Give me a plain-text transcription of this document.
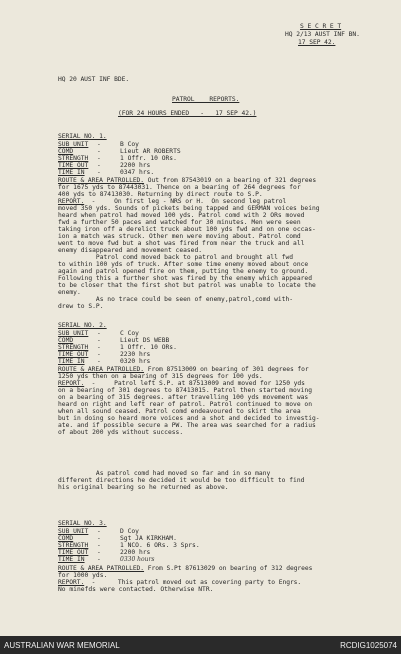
S E C R E T
HQ 2/13 AUST INF BN.
17 SEP 42.
HQ 20 AUST INF BDE.
PATROL    REPORTS.
(FOR 24 HOURS ENDED   -   17 SEP 42.)
SERIAL NO. 1.
SUB UNIT -	B Coy
COMD	-	Lieut AR ROBERTS
STRENGTH -	1 Offr. 10 ORs.
TIME OUT -	2200 hrs
TIME IN -	0347 hrs.
ROUTE & AREA PATROLLED. Out from 87543019 on a bearing of 321 degrees
for 1675 yds to 87443031. Thence on a bearing of 264 degrees for
400 yds to 87413030. Returning by direct route to S.P.
REPORT.  -     On first leg - NRS or H.  On second leg patrol
moved 350 yds. Sounds of pickets being tapped and GERMAN voices being
heard when patrol had moved 100 yds. Patrol comd with 2 ORs moved
fwd a further 50 paces and watched for 30 minutes. Men were seen
taking iron off a derelict truck about 100 yds fwd and on one occas-
ion a match was struck. Other men were moving about. Patrol comd
went to move fwd but a shot was fired from near the truck and all
enemy disappeared and movement ceased.
Patrol comd moved back to patrol and brought all fwd
to within 100 yds of truck. After some time enemy moved about once
again and patrol opened fire on them, putting the enemy to ground.
Following this a further shot was fired by the enemy which appeared
to be closer that the first shot but patrol was unable to locate the
enemy.
As no trace could be seen of enemy,patrol,comd with-
drew to S.P.
SERIAL NO. 2.
SUB UNIT -	C Coy
COMD	-	Lieut DS WEBB
STRENGTH -	1 Offr. 10 ORs.
TIME OUT -	2230 hrs
TIME IN -	0320 hrs
ROUTE & AREA PATROLLED. From 87513009 on bearing of 301 degrees for
1250 yds then on a bearing of 315 degrees for 100 yds.
REPORT.  -     Patrol left S.P. at 87513009 and moved for 1250 yds
on a bearing of 301 degrees to 87413015. Patrol then started moving
on a bearing of 315 degrees. after travelling 100 yds movement was
heard on right and left rear of patrol. Patrol continued to move on
when all sound ceased. Patrol comd endeavoured to skirt the area
but in doing so heard more voices and a shot and decided to investig-
ate. and if possible secure a PW. The area was searched for a radius
of about 200 yds without success.
As patrol comd had moved so far and in so many
different directions he decided it would be too difficult to find
his original bearing so he returned as above.
SERIAL NO. 3.
SUB UNIT -	D Coy
COMD	-	Sgt JA KIRKHAM.
STRENGTH -	1 NCO. 6 ORs. 3 Sprs.
TIME OUT -	2200 hrs
TIME IN -	0330 hours
ROUTE & AREA PATROLLED. From S.Pt 87613029 on bearing of 312 degrees
for 1000 yds.
REPORT.  -      This patrol moved out as covering party to Engrs.
No minefds were contacted. Otherwise NTR.
AUSTRALIAN WAR MEMORIAL	RCDIG1025074
